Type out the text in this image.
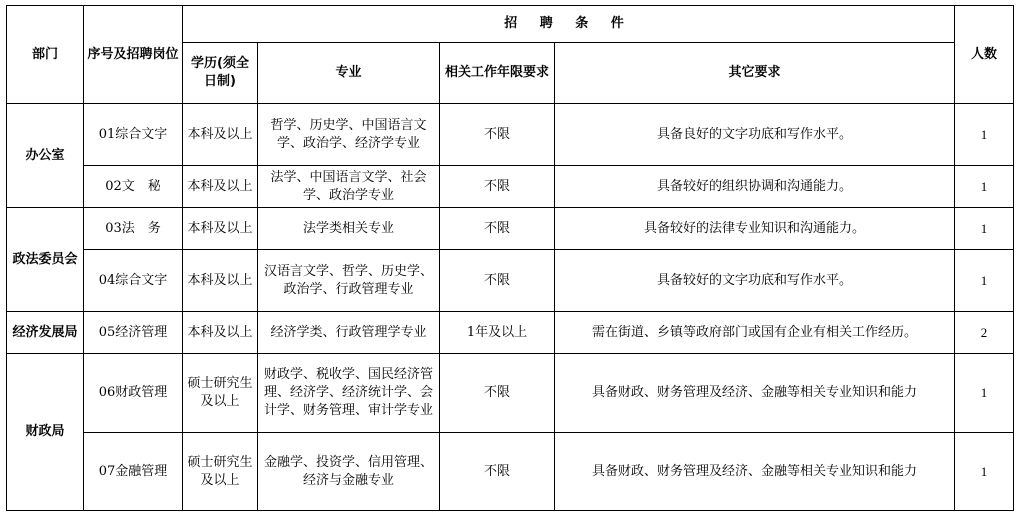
部门	序号及招聘岗位	招 聘 条 件				人数
		学历(须全日制)	专业	相关工作年限要求	其它要求	
办公室	01综合文字	本科及以上	哲学、历史学、中国语言文学、政治学、经济学专业	不限	具备良好的文字功底和写作水平。	1
	02文　秘	本科及以上	法学、中国语言文学、社会学、政治学专业	不限	具备较好的组织协调和沟通能力。	1
政法委员会	03法　务	本科及以上	法学类相关专业	不限	具备较好的法律专业知识和沟通能力。	1
	04综合文字	本科及以上	汉语言文学、哲学、历史学、政治学、行政管理专业	不限	具备较好的文字功底和写作水平。	1
经济发展局	05经济管理	本科及以上	经济学类、行政管理学专业	1年及以上	需在街道、乡镇等政府部门或国有企业有相关工作经历。	2
财政局	06财政管理	硕士研究生及以上	财政学、税收学、国民经济管理、经济学、经济统计学、会计学、财务管理、审计学专业	不限	具备财政、财务管理及经济、金融等相关专业知识和能力	1
	07金融管理	硕士研究生及以上	金融学、投资学、信用管理、经济与金融专业	不限	具备财政、财务管理及经济、金融等相关专业知识和能力	1
